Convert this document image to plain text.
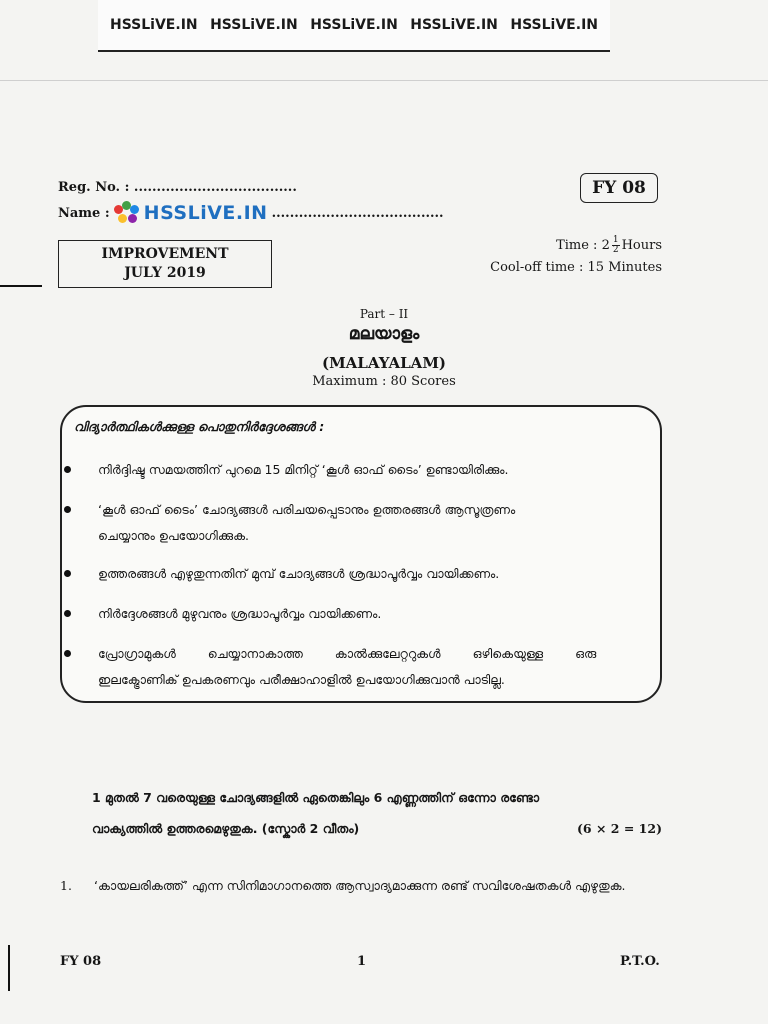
HSSLiVE.IN HSSLiVE.IN HSSLiVE.IN HSSLiVE.IN HSSLiVE.IN
Reg. No. : ....................................
Name : HSSLiVE.IN ......................................
FY 08
IMPROVEMENT
JULY 2019
Time : $2 \frac{1}{2}$ Hours
Cool-off time : 15 Minutes
Part – II
മലയാളം
(MALAYALAM)
Maximum : 80 Scores
വിദ്യാർത്ഥികൾക്കുള്ള പൊതുനിർദ്ദേശങ്ങൾ :
നിർദ്ദിഷ്ട സമയത്തിന് പുറമെ 15 മിനിറ്റ് ‘കൂൾ ഓഫ് ടൈം’ ഉണ്ടായിരിക്കും.
‘കൂൾ ഓഫ് ടൈം’ ചോദ്യങ്ങൾ പരിചയപ്പെടാനും ഉത്തരങ്ങൾ ആസൂത്രണം
ചെയ്യാനും ഉപയോഗിക്കുക.
ഉത്തരങ്ങൾ എഴുതുന്നതിന് മുമ്പ് ചോദ്യങ്ങൾ ശ്രദ്ധാപൂർവ്വം വായിക്കണം.
നിർദ്ദേശങ്ങൾ മുഴുവനും ശ്രദ്ധാപൂർവ്വം വായിക്കണം.
പ്രോഗ്രാമുകൾ ചെയ്യാനാകാത്ത കാൽക്കുലേറ്ററുകൾ ഒഴികെയുള്ള ഒരു
ഇലക്ട്രോണിക് ഉപകരണവും പരീക്ഷാഹാളിൽ ഉപയോഗിക്കുവാൻ പാടില്ല.
1 മുതൽ 7 വരെയുള്ള ചോദ്യങ്ങളിൽ ഏതെങ്കിലും 6 എണ്ണത്തിന് ഒന്നോ രണ്ടോ
വാക്യത്തിൽ ഉത്തരമെഴുതുക. (സ്കോർ 2 വീതം)	(6 × 2 = 12)
1. ‘കായലരികത്ത്’ എന്ന സിനിമാഗാനത്തെ ആസ്വാദ്യമാക്കുന്ന രണ്ട് സവിശേഷതകൾ എഴുതുക.
FY 08	1	P.T.O.
